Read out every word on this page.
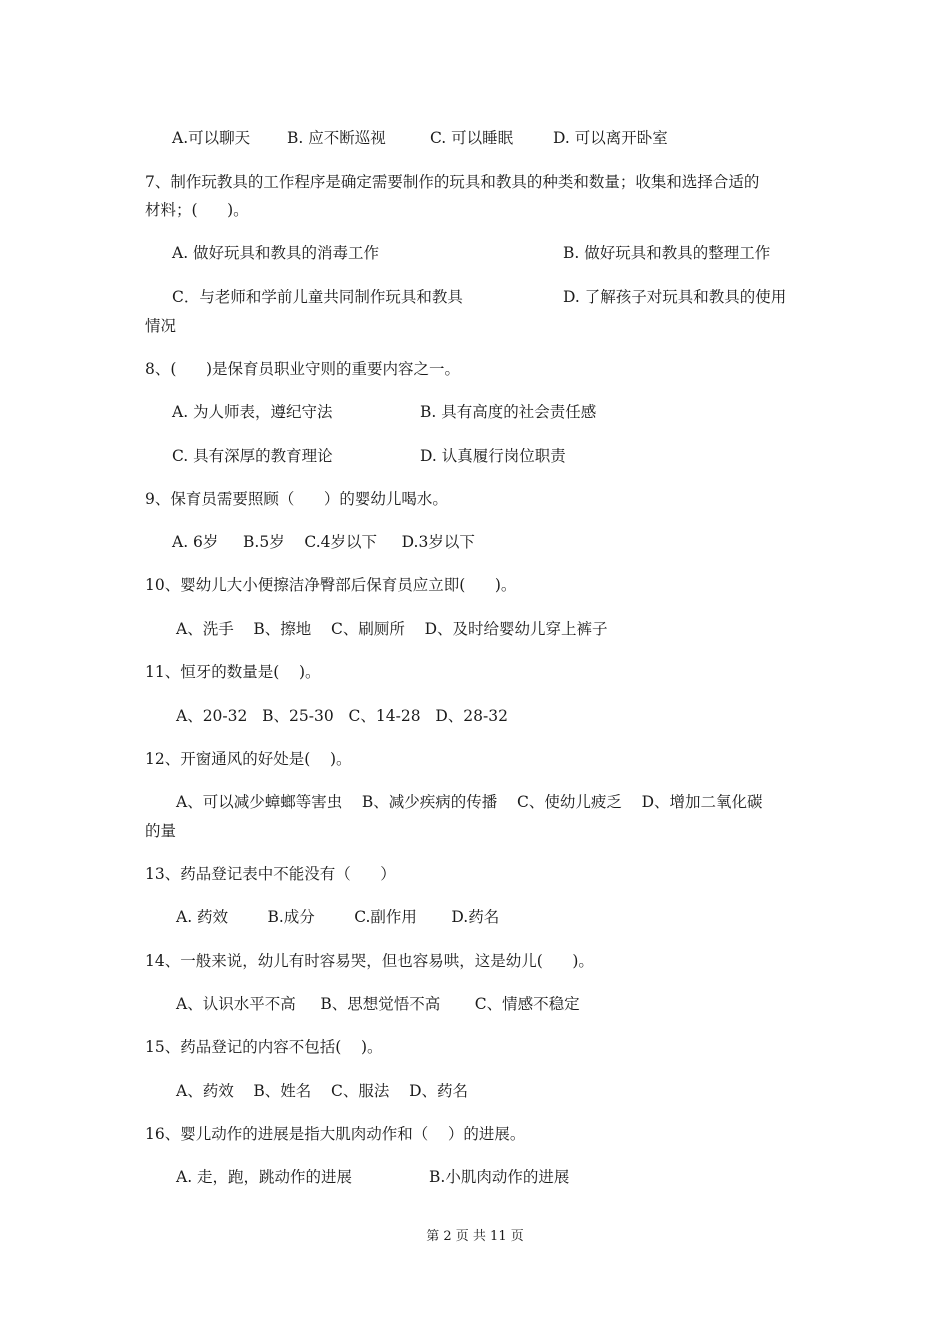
A.可以聊天 B. 应不断巡视	C. 可以睡眠	D. 可以离开卧室
7、制作玩教具的工作程序是确定需要制作的玩具和教具的种类和数量；收集和选择合适的
材料；(      )。
A. 做好玩具和教具的消毒工作	B. 做好玩具和教具的整理工作
C．与老师和学前儿童共同制作玩具和教具	D. 了解孩子对玩具和教具的使用
情况
8、(      )是保育员职业守则的重要内容之一。
A. 为人师表，遵纪守法	B. 具有高度的社会责任感
C. 具有深厚的教育理论	D. 认真履行岗位职责
9、保育员需要照顾（      ）的婴幼儿喝水。
A. 6岁     B.5岁    C.4岁以下     D.3岁以下
10、婴幼儿大小便擦洁净臀部后保育员应立即(      )。
A、洗手    B、擦地    C、刷厕所    D、及时给婴幼儿穿上裤子
11、恒牙的数量是(    )。
A、20-32   B、25-30   C、14-28   D、28-32
12、开窗通风的好处是(    )。
A、可以减少蟑螂等害虫    B、减少疾病的传播    C、使幼儿疲乏    D、增加二氧化碳
的量
13、药品登记表中不能没有（      ）
A. 药效        B.成分        C.副作用       D.药名
14、一般来说，幼儿有时容易哭，但也容易哄，这是幼儿(      )。
A、认识水平不高     B、思想觉悟不高       C、情感不稳定
15、药品登记的内容不包括(    )。
A、药效    B、姓名    C、服法    D、药名
16、婴儿动作的进展是指大肌肉动作和（    ）的进展。
A. 走，跑，跳动作的进展	B.小肌肉动作的进展
第 2 页 共 11 页
